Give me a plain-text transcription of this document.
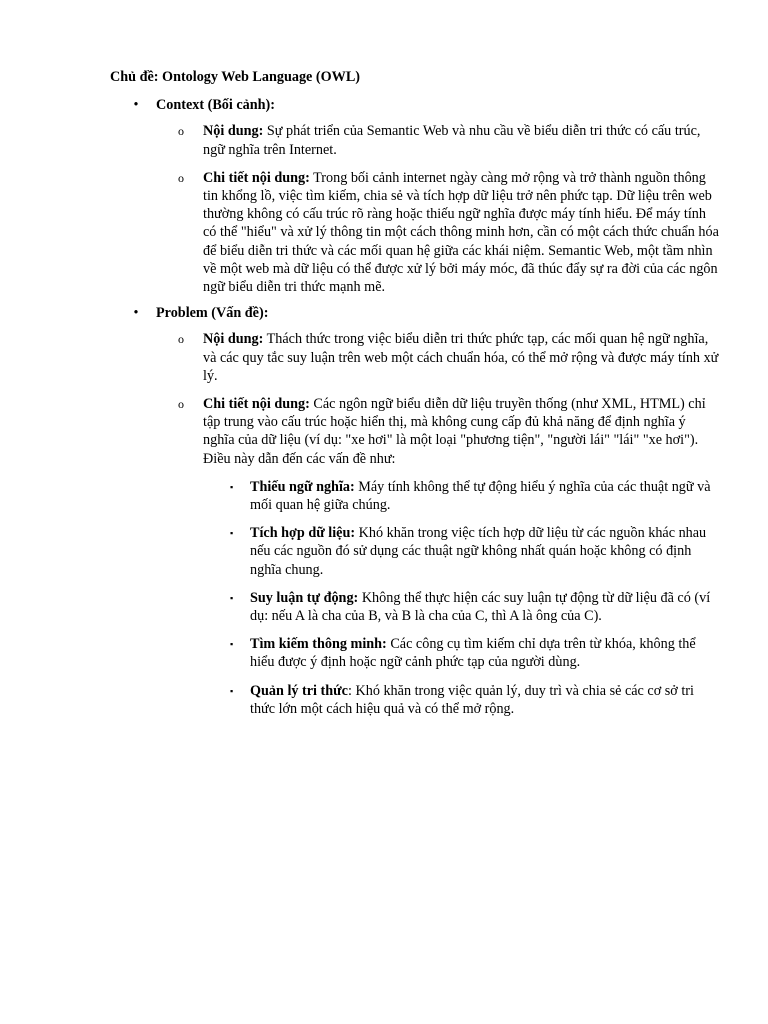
Chủ đề: Ontology Web Language (OWL)
• Context (Bối cảnh):
o Nội dung: Sự phát triển của Semantic Web và nhu cầu về biểu diễn tri thức có cấu trúc, ngữ nghĩa trên Internet.
o Chi tiết nội dung: Trong bối cảnh internet ngày càng mở rộng và trở thành nguồn thông tin khổng lồ, việc tìm kiếm, chia sẻ và tích hợp dữ liệu trở nên phức tạp. Dữ liệu trên web thường không có cấu trúc rõ ràng hoặc thiếu ngữ nghĩa được máy tính hiểu. Để máy tính có thể "hiểu" và xử lý thông tin một cách thông minh hơn, cần có một cách thức chuẩn hóa để biểu diễn tri thức và các mối quan hệ giữa các khái niệm. Semantic Web, một tầm nhìn về một web mà dữ liệu có thể được xử lý bởi máy móc, đã thúc đẩy sự ra đời của các ngôn ngữ biểu diễn tri thức mạnh mẽ.
• Problem (Vấn đề):
o Nội dung: Thách thức trong việc biểu diễn tri thức phức tạp, các mối quan hệ ngữ nghĩa, và các quy tắc suy luận trên web một cách chuẩn hóa, có thể mở rộng và được máy tính xử lý.
o Chi tiết nội dung: Các ngôn ngữ biểu diễn dữ liệu truyền thống (như XML, HTML) chỉ tập trung vào cấu trúc hoặc hiển thị, mà không cung cấp đủ khả năng để định nghĩa ý nghĩa của dữ liệu (ví dụ: "xe hơi" là một loại "phương tiện", "người lái" "lái" "xe hơi"). Điều này dẫn đến các vấn đề như:
▪ Thiếu ngữ nghĩa: Máy tính không thể tự động hiểu ý nghĩa của các thuật ngữ và mối quan hệ giữa chúng.
▪ Tích hợp dữ liệu: Khó khăn trong việc tích hợp dữ liệu từ các nguồn khác nhau nếu các nguồn đó sử dụng các thuật ngữ không nhất quán hoặc không có định nghĩa chung.
▪ Suy luận tự động: Không thể thực hiện các suy luận tự động từ dữ liệu đã có (ví dụ: nếu A là cha của B, và B là cha của C, thì A là ông của C).
▪ Tìm kiếm thông minh: Các công cụ tìm kiếm chỉ dựa trên từ khóa, không thể hiểu được ý định hoặc ngữ cảnh phức tạp của người dùng.
▪ Quản lý tri thức: Khó khăn trong việc quản lý, duy trì và chia sẻ các cơ sở tri thức lớn một cách hiệu quả và có thể mở rộng.
